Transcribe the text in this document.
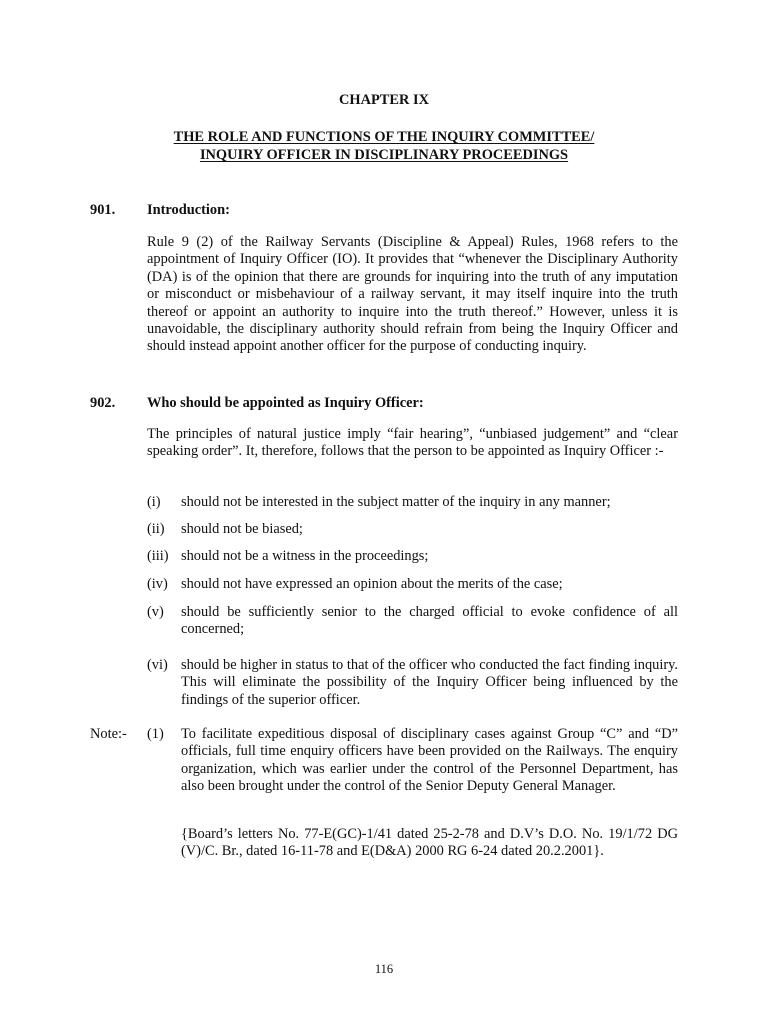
CHAPTER IX
THE ROLE AND FUNCTIONS OF THE INQUIRY COMMITTEE/
INQUIRY OFFICER IN DISCIPLINARY PROCEEDINGS
901. Introduction:
Rule 9 (2) of the Railway Servants (Discipline & Appeal) Rules, 1968 refers to the appointment of Inquiry Officer (IO). It provides that “whenever the Disciplinary Authority (DA) is of the opinion that there are grounds for inquiring into the truth of any imputation or misconduct or misbehaviour of a railway servant, it may itself inquire into the truth thereof or appoint an authority to inquire into the truth thereof.” However, unless it is unavoidable, the disciplinary authority should refrain from being the Inquiry Officer and should instead appoint another officer for the purpose of conducting inquiry.
902. Who should be appointed as Inquiry Officer:
The principles of natural justice imply “fair hearing”, “unbiased judgement” and “clear speaking order”. It, therefore, follows that the person to be appointed as Inquiry Officer :-
(i) should not be interested in the subject matter of the inquiry in any manner;
(ii) should not be biased;
(iii) should not be a witness in the proceedings;
(iv) should not have expressed an opinion about the merits of the case;
(v) should be sufficiently senior to the charged official to evoke confidence of all concerned;
(vi) should be higher in status to that of the officer who conducted the fact finding inquiry. This will eliminate the possibility of the Inquiry Officer being influenced by the findings of the superior officer.
Note:- (1) To facilitate expeditious disposal of disciplinary cases against Group “C” and “D” officials, full time enquiry officers have been provided on the Railways. The enquiry organization, which was earlier under the control of the Personnel Department, has also been brought under the control of the Senior Deputy General Manager.
{Board’s letters No. 77-E(GC)-1/41 dated 25-2-78 and D.V’s D.O. No. 19/1/72 DG (V)/C. Br., dated 16-11-78 and E(D&A) 2000 RG 6-24 dated 20.2.2001}.
116
